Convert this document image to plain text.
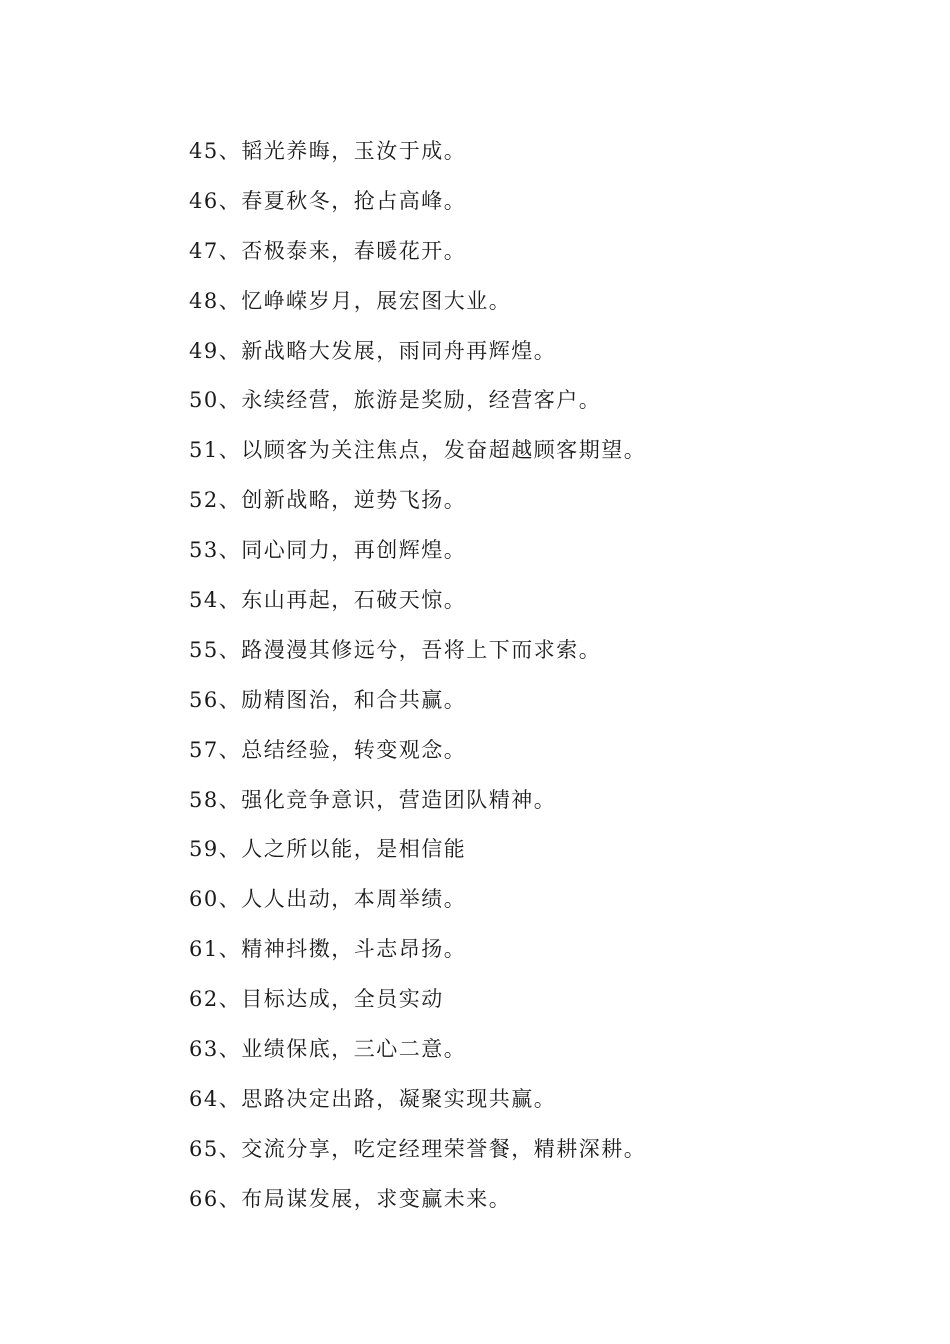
45、韬光养晦，玉汝于成。
46、春夏秋冬，抢占高峰。
47、否极泰来，春暖花开。
48、忆峥嵘岁月，展宏图大业。
49、新战略大发展，雨同舟再辉煌。
50、永续经营，旅游是奖励，经营客户。
51、以顾客为关注焦点，发奋超越顾客期望。
52、创新战略，逆势飞扬。
53、同心同力，再创辉煌。
54、东山再起，石破天惊。
55、路漫漫其修远兮，吾将上下而求索。
56、励精图治，和合共赢。
57、总结经验，转变观念。
58、强化竞争意识，营造团队精神。
59、人之所以能，是相信能
60、人人出动，本周举绩。
61、精神抖擞，斗志昂扬。
62、目标达成，全员实动
63、业绩保底，三心二意。
64、思路决定出路，凝聚实现共赢。
65、交流分享，吃定经理荣誉餐，精耕深耕。
66、布局谋发展，求变赢未来。
